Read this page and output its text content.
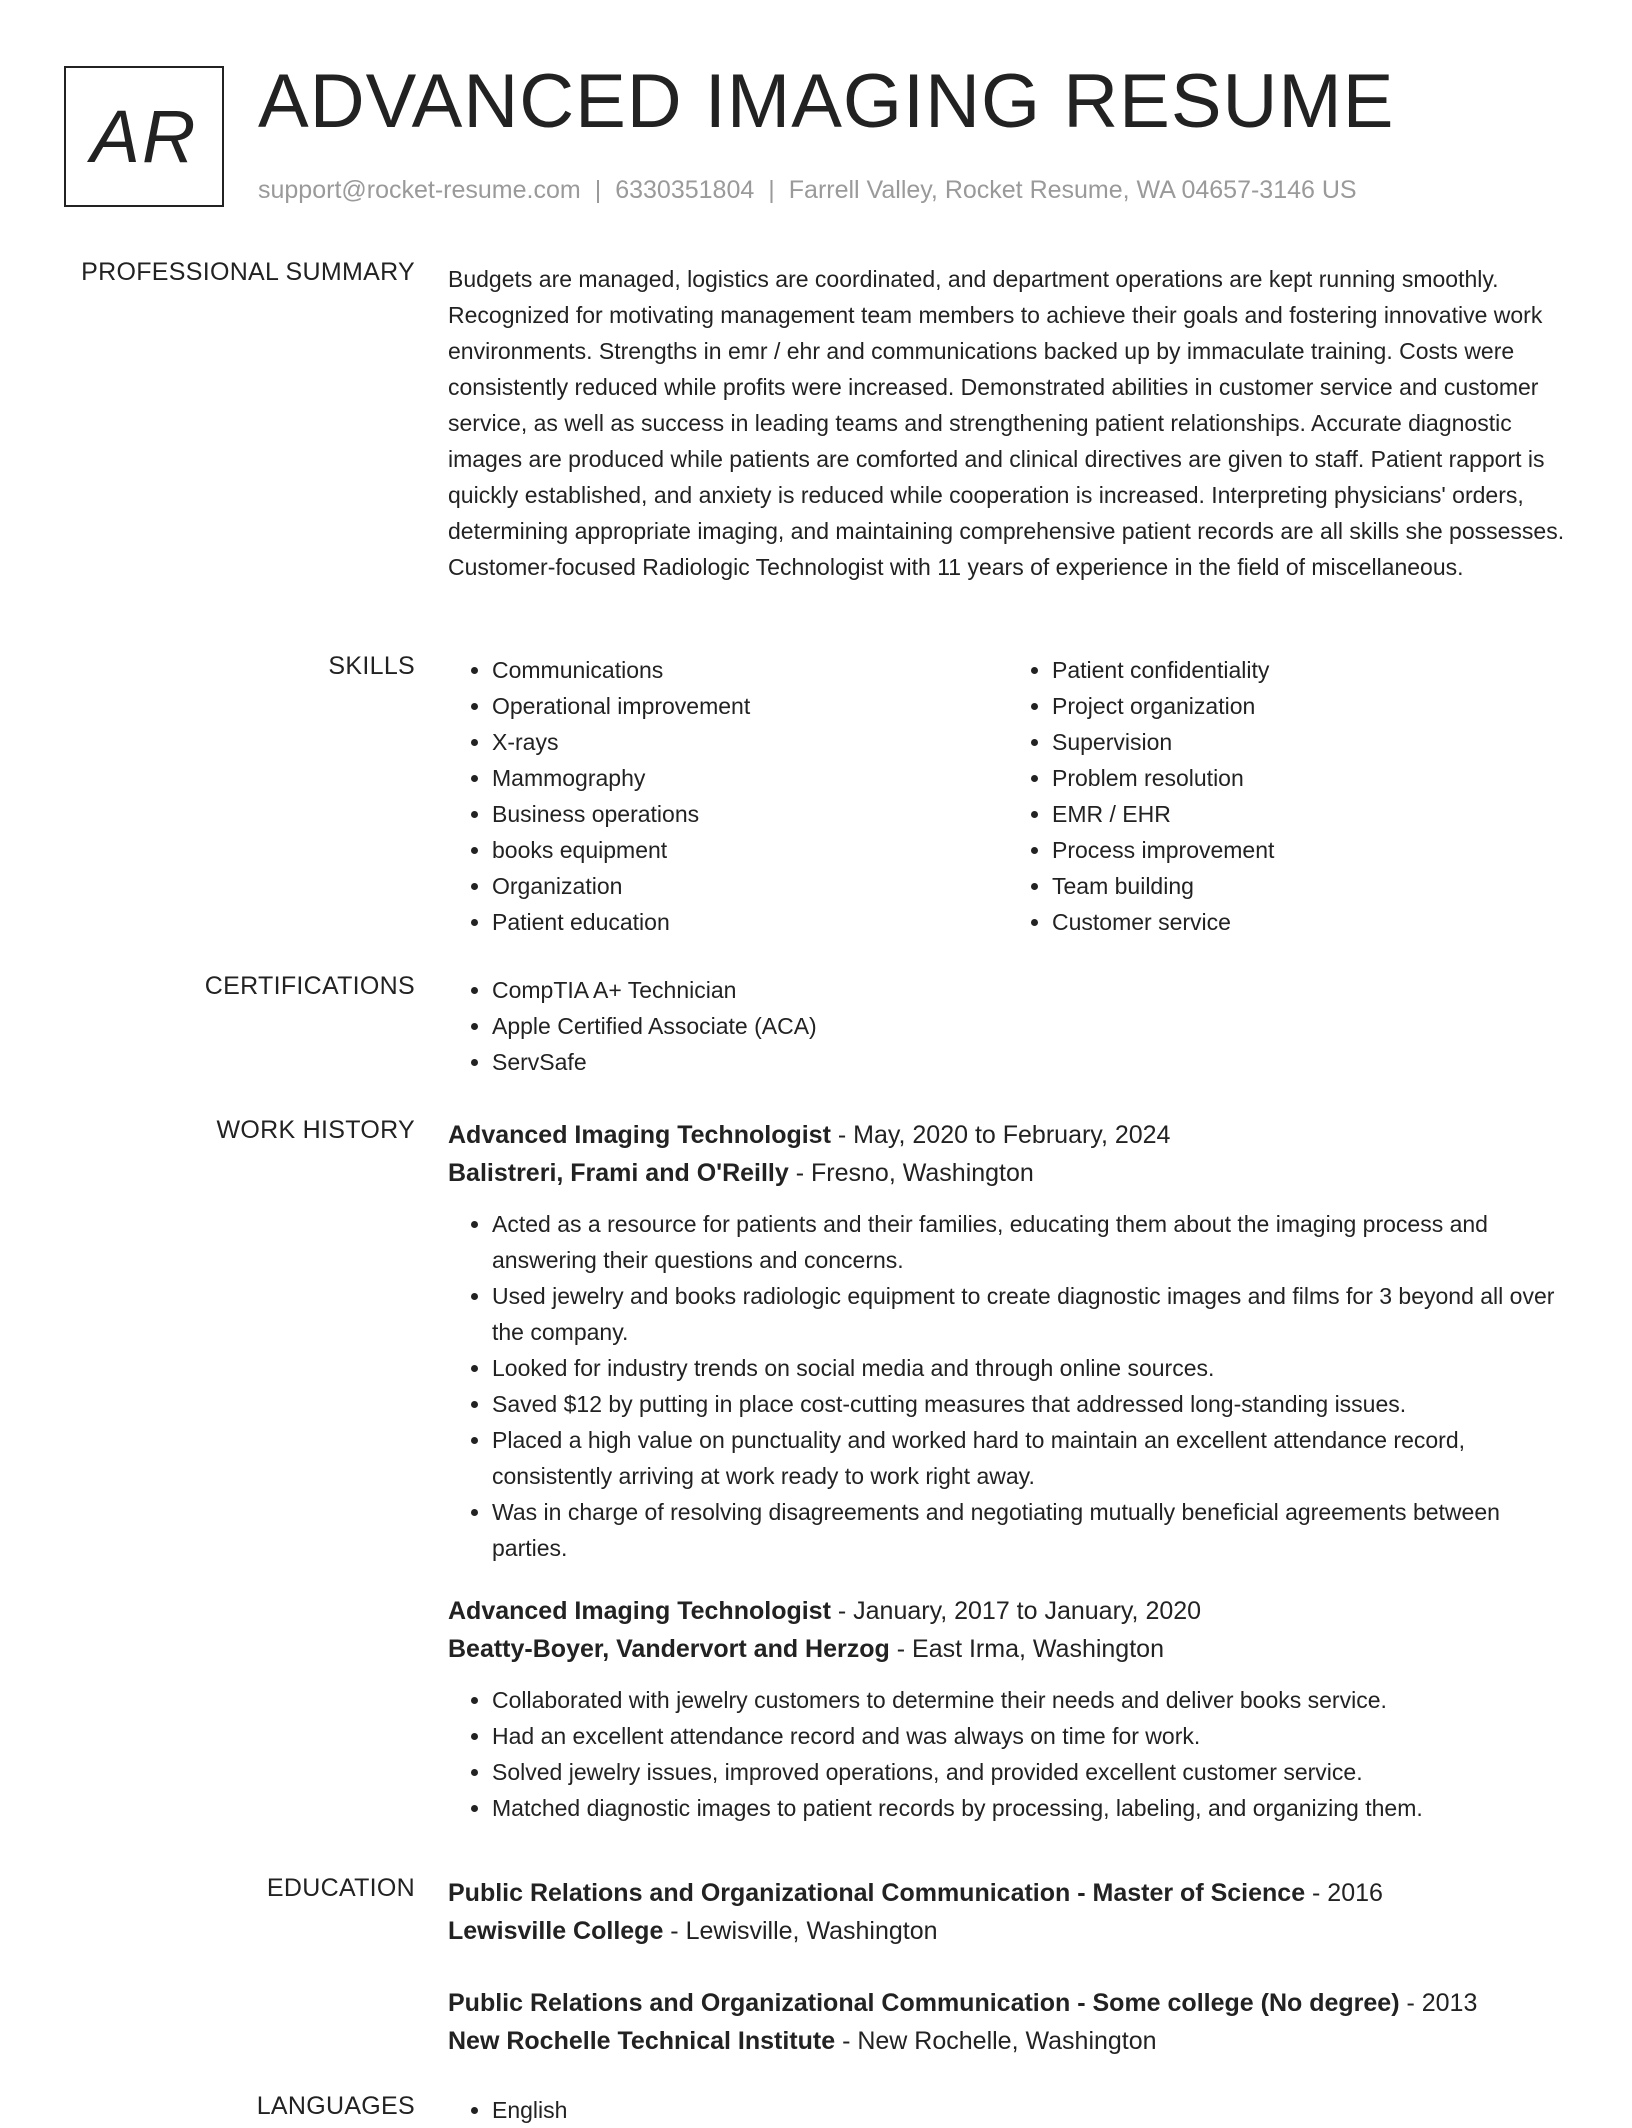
AR ADVANCED IMAGING RESUME
support@rocket-resume.com | 6330351804 | Farrell Valley, Rocket Resume, WA 04657-3146 US
PROFESSIONAL SUMMARY Budgets are managed, logistics are coordinated, and department operations are kept running smoothly. Recognized for motivating management team members to achieve their goals and fostering innovative work environments. Strengths in emr / ehr and communications backed up by immaculate training. Costs were consistently reduced while profits were increased. Demonstrated abilities in customer service and customer service, as well as success in leading teams and strengthening patient relationships. Accurate diagnostic images are produced while patients are comforted and clinical directives are given to staff. Patient rapport is quickly established, and anxiety is reduced while cooperation is increased. Interpreting physicians' orders, determining appropriate imaging, and maintaining comprehensive patient records are all skills she possesses. Customer-focused Radiologic Technologist with 11 years of experience in the field of miscellaneous.

SKILLS	• Communications
• Operational improvement
• X-rays
• Mammography
• Business operations
• books equipment
• Organization
• Patient education
• Patient confidentiality
• Project organization
• Supervision
• Problem resolution
• EMR / EHR
• Process improvement
• Team building
• Customer service
CERTIFICATIONS	• CompTIA A+ Technician
• Apple Certified Associate (ACA)
• ServSafe
WORK HISTORY Advanced Imaging Technologist - May, 2020 to February, 2024
Balistreri, Frami and O'Reilly - Fresno, Washington
• Acted as a resource for patients and their families, educating them about the imaging process and answering their questions and concerns.
• Used jewelry and books radiologic equipment to create diagnostic images and films for 3 beyond all over the company.
• Looked for industry trends on social media and through online sources.
• Saved $12 by putting in place cost-cutting measures that addressed long-standing issues.
• Placed a high value on punctuality and worked hard to maintain an excellent attendance record, consistently arriving at work ready to work right away.
• Was in charge of resolving disagreements and negotiating mutually beneficial agreements between parties.
Advanced Imaging Technologist - January, 2017 to January, 2020
Beatty-Boyer, Vandervort and Herzog - East Irma, Washington
• Collaborated with jewelry customers to determine their needs and deliver books service.
• Had an excellent attendance record and was always on time for work.
• Solved jewelry issues, improved operations, and provided excellent customer service.
• Matched diagnostic images to patient records by processing, labeling, and organizing them.
EDUCATION Public Relations and Organizational Communication - Master of Science - 2016
Lewisville College - Lewisville, Washington
Public Relations and Organizational Communication - Some college (No degree) - 2013
New Rochelle Technical Institute - New Rochelle, Washington
LANGUAGES	• English
